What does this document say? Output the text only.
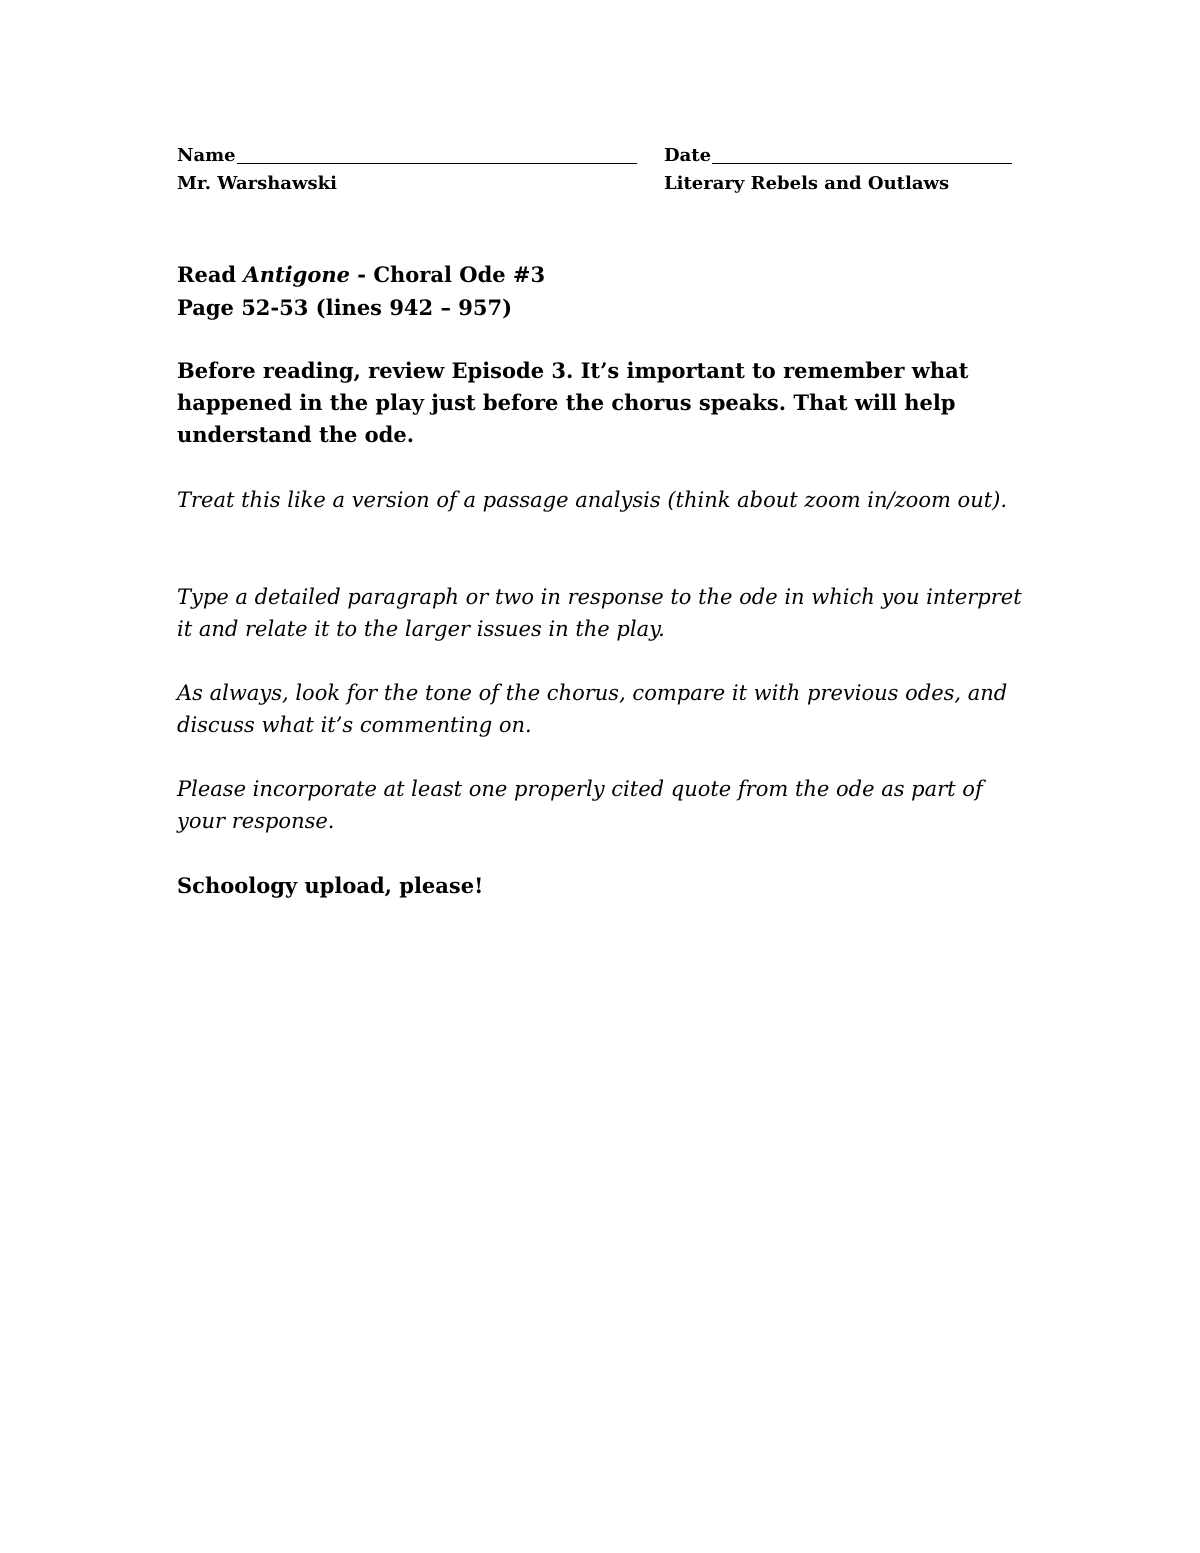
Name	Date
Mr. Warshawski	Literary Rebels and Outlaws
Read Antigone - Choral Ode #3
Page 52-53 (lines 942 – 957)
Before reading, review Episode 3. It’s important to remember what happened in the play just before the chorus speaks. That will help understand the ode.
Treat this like a version of a passage analysis (think about zoom in/zoom out).
Type a detailed paragraph or two in response to the ode in which you interpret it and relate it to the larger issues in the play.
As always, look for the tone of the chorus, compare it with previous odes, and discuss what it’s commenting on.
Please incorporate at least one properly cited quote from the ode as part of your response.
Schoology upload, please!
